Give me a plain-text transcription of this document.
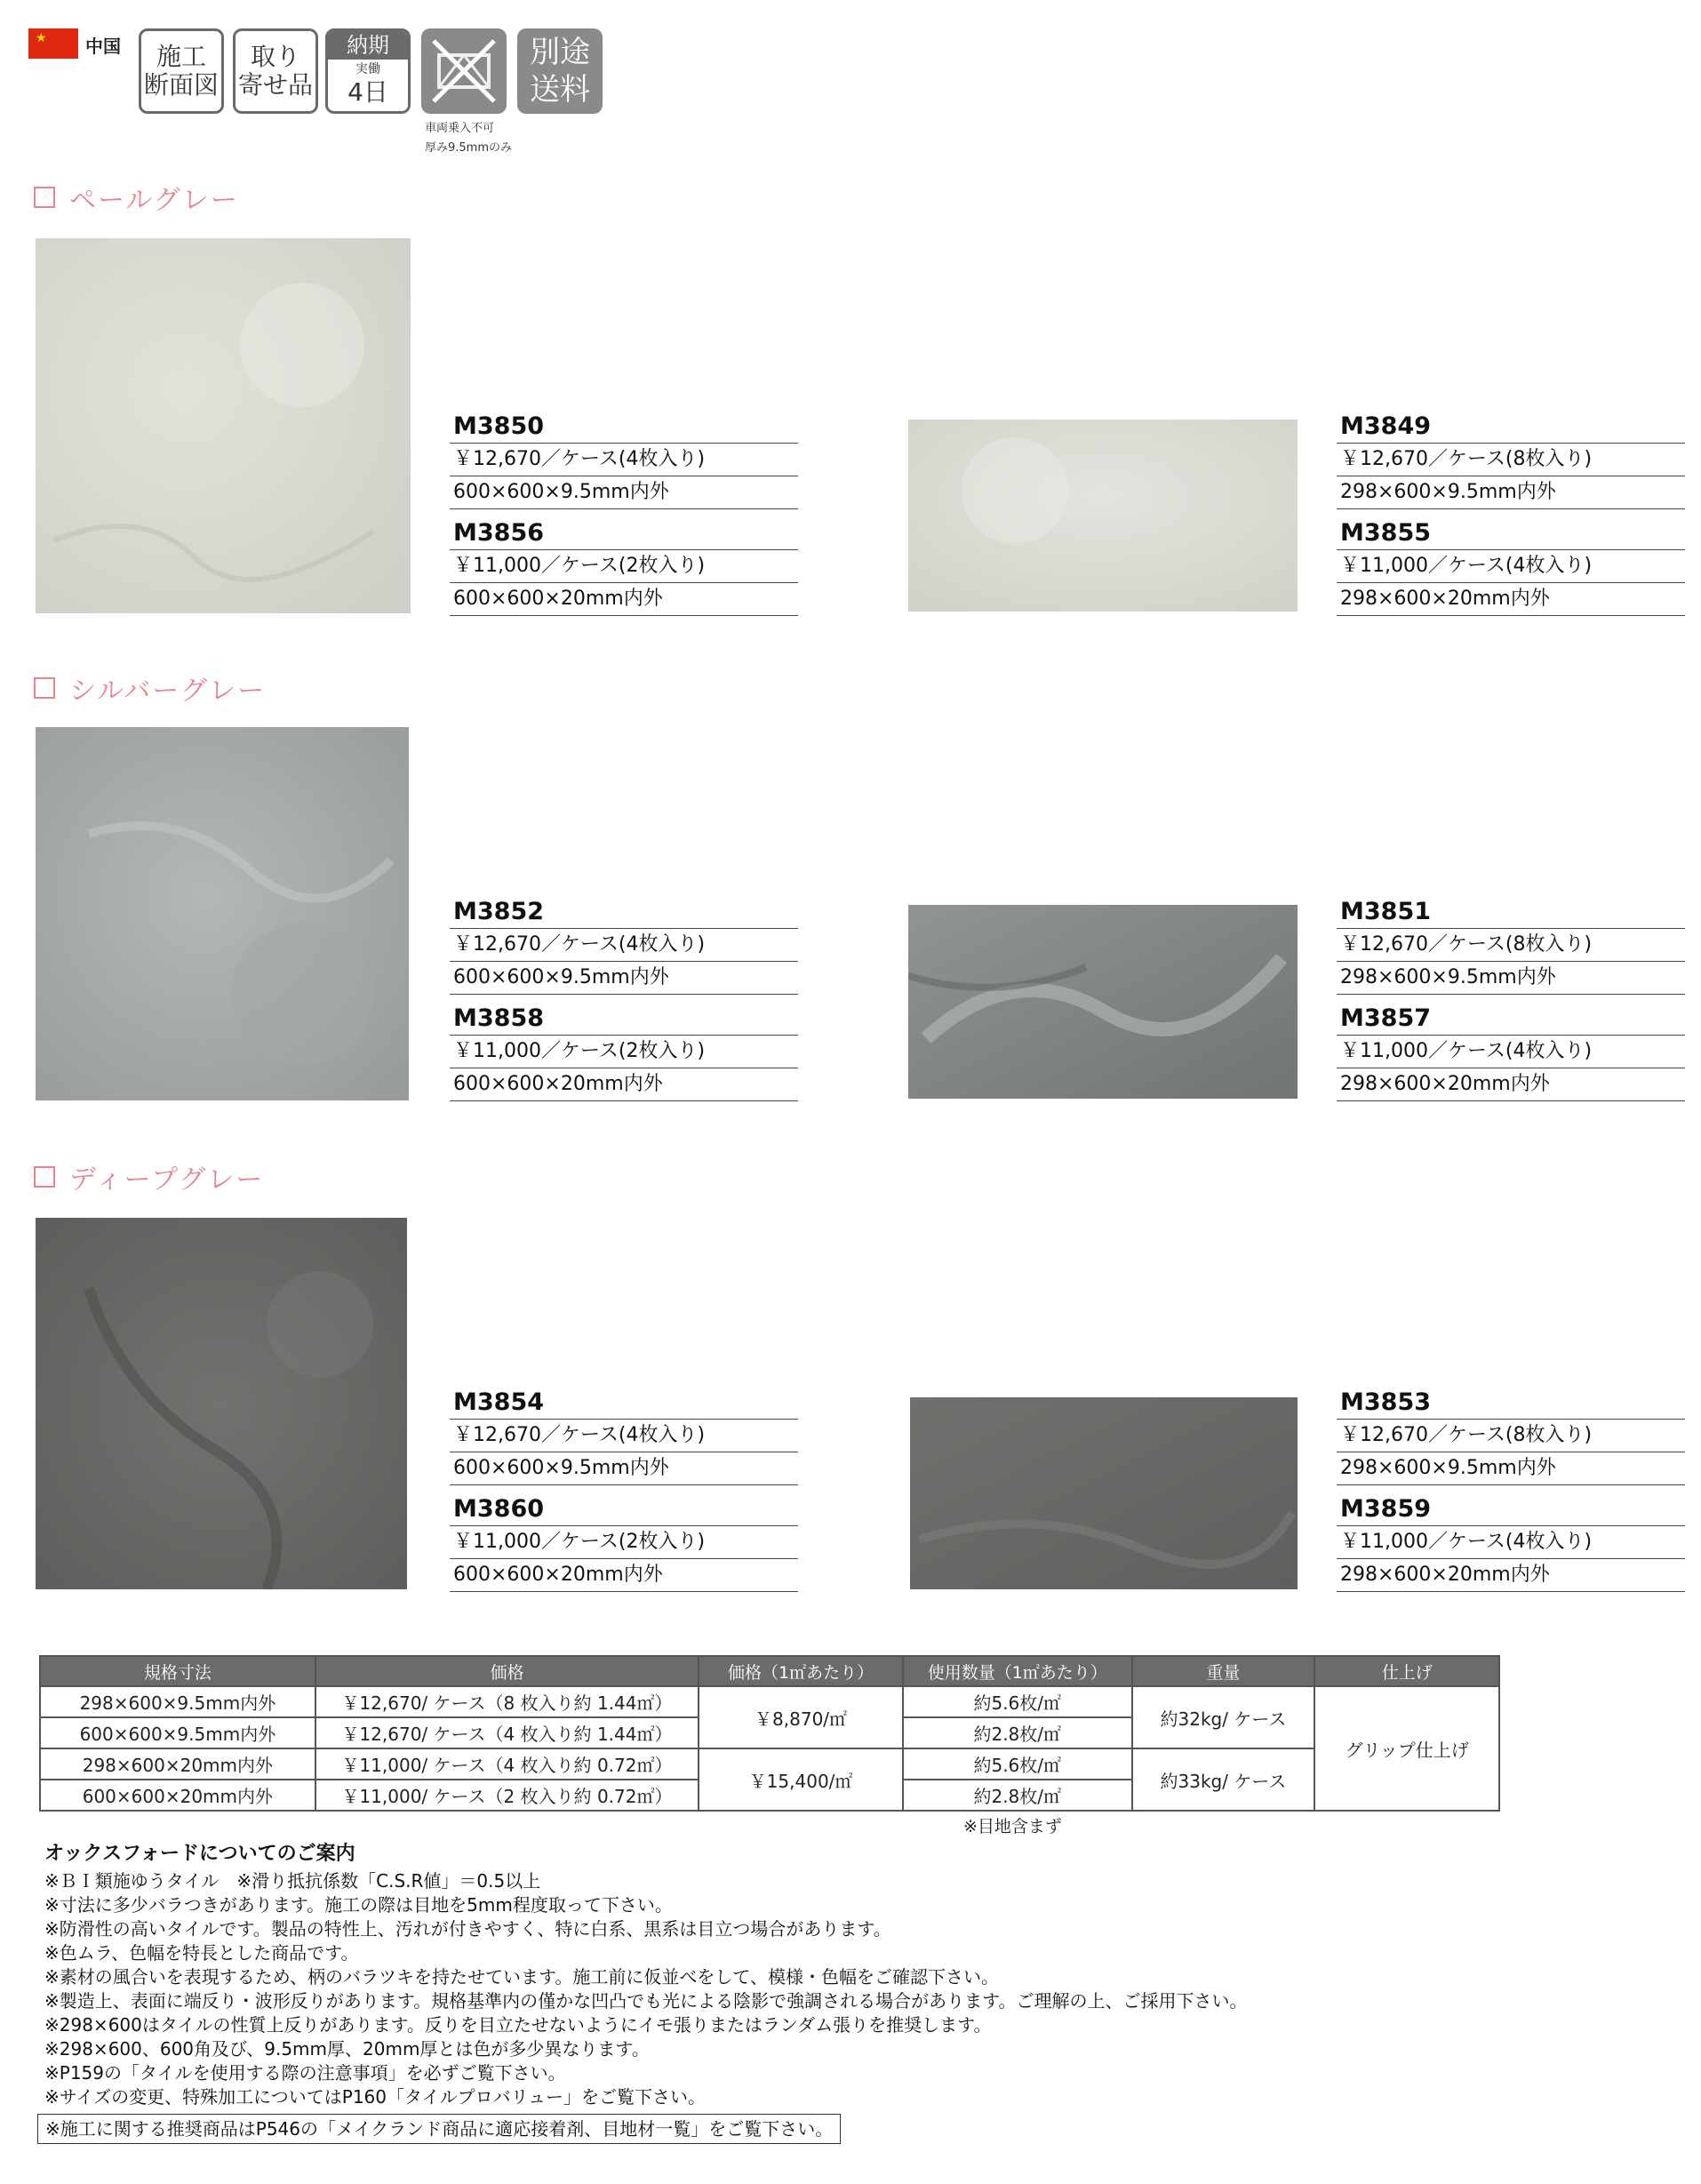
★ 中国	施工
断面図
取り
寄せ品
納期
実働
4日
別途
送料
車両乗入不可
厚み9.5mmのみ
ペールグレー
M3850
￥12,670／ケース(4枚入り)
600×600×9.5mm内外
M3856
￥11,000／ケース(2枚入り)
600×600×20mm内外
M3849
￥12,670／ケース(8枚入り)
298×600×9.5mm内外
M3855
￥11,000／ケース(4枚入り)
298×600×20mm内外
シルバーグレー
M3852
￥12,670／ケース(4枚入り)
600×600×9.5mm内外
M3858
￥11,000／ケース(2枚入り)
600×600×20mm内外
M3851
￥12,670／ケース(8枚入り)
298×600×9.5mm内外
M3857
￥11,000／ケース(4枚入り)
298×600×20mm内外
ディープグレー
M3854
￥12,670／ケース(4枚入り)
600×600×9.5mm内外
M3860
￥11,000／ケース(2枚入り)
600×600×20mm内外
M3853
￥12,670／ケース(8枚入り)
298×600×9.5mm内外
M3859
￥11,000／ケース(4枚入り)
298×600×20mm内外
規格寸法	価格	価格（1㎡あたり）	使用数量（1㎡あたり）	重量	仕上げ
298×600×9.5mm内外	￥12,670/ ケース（8 枚入り約 1.44㎡）	￥8,870/㎡	約5.6枚/㎡	約32kg/ ケース	グリップ仕上げ
600×600×9.5mm内外	￥12,670/ ケース（4 枚入り約 1.44㎡）		約2.8枚/㎡		
298×600×20mm内外	￥11,000/ ケース（4 枚入り約 0.72㎡）	￥15,400/㎡	約5.6枚/㎡	約33kg/ ケース	
600×600×20mm内外	￥11,000/ ケース（2 枚入り約 0.72㎡）		約2.8枚/㎡		
※目地含まず
オックスフォードについてのご案内
※ＢＩ類施ゆうタイル　※滑り抵抗係数「C.S.R値」＝0.5以上
※寸法に多少バラつきがあります。施工の際は目地を5mm程度取って下さい。
※防滑性の高いタイルです。製品の特性上、汚れが付きやすく、特に白系、黒系は目立つ場合があります。
※色ムラ、色幅を特長とした商品です。
※素材の風合いを表現するため、柄のバラツキを持たせています。施工前に仮並べをして、模様・色幅をご確認下さい。
※製造上、表面に端反り・波形反りがあります。規格基準内の僅かな凹凸でも光による陰影で強調される場合があります。ご理解の上、ご採用下さい。
※298×600はタイルの性質上反りがあります。反りを目立たせないようにイモ張りまたはランダム張りを推奨します。
※298×600、600角及び、9.5mm厚、20mm厚とは色が多少異なります。
※P159の「タイルを使用する際の注意事項」を必ずご覧下さい。
※サイズの変更、特殊加工についてはP160「タイルプロバリュー」をご覧下さい。
※施工に関する推奨商品はP546の「メイクランド商品に適応接着剤、目地材一覧」をご覧下さい。
